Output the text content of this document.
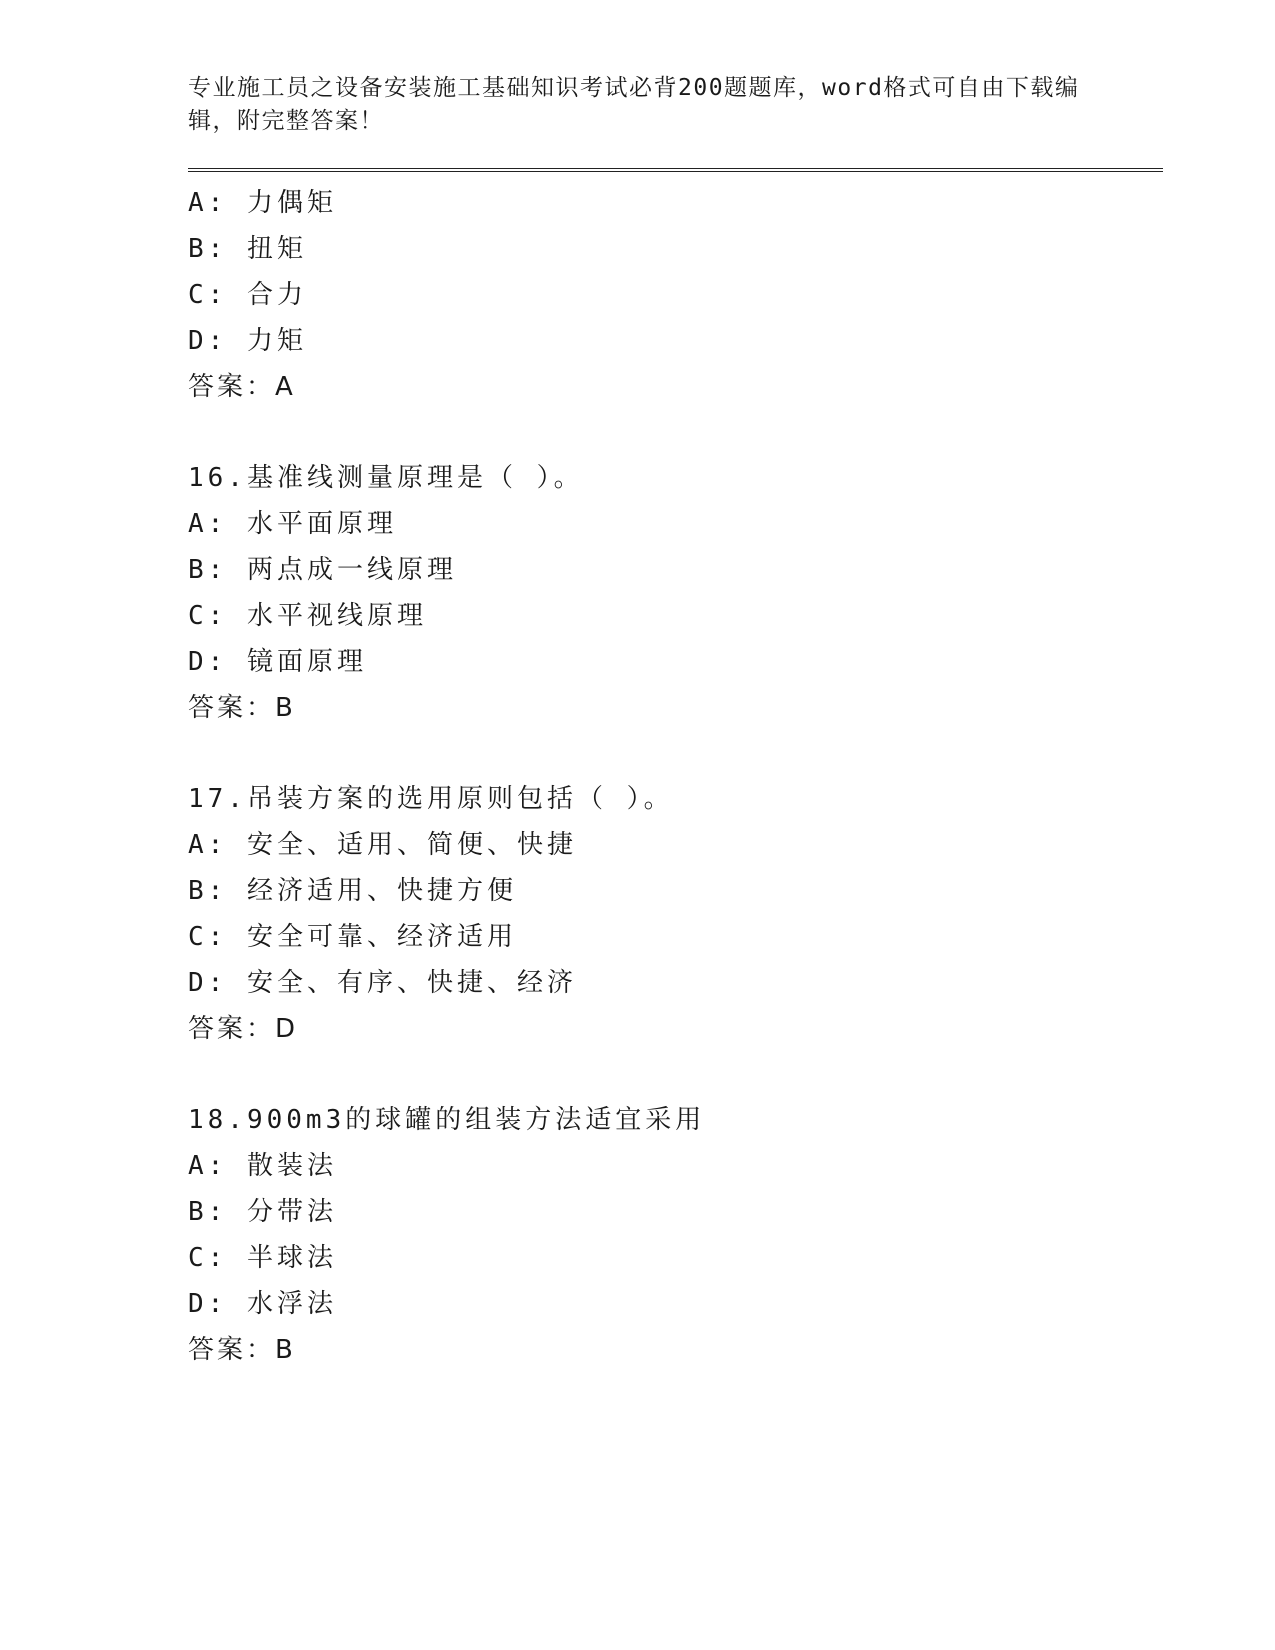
专业施工员之设备安装施工基础知识考试必背200题题库，word格式可自由下载编辑，附完整答案！

A: 力偶矩
B: 扭矩
C: 合力
D: 力矩
答案：A
16.基准线测量原理是（ ）。
A: 水平面原理
B: 两点成一线原理
C: 水平视线原理
D: 镜面原理
答案：B
17.吊装方案的选用原则包括（ ）。
A: 安全、适用、简便、快捷
B: 经济适用、快捷方便
C: 安全可靠、经济适用
D: 安全、有序、快捷、经济
答案：D
18.900m3的球罐的组装方法适宜采用
A: 散装法
B: 分带法
C: 半球法
D: 水浮法
答案：B
